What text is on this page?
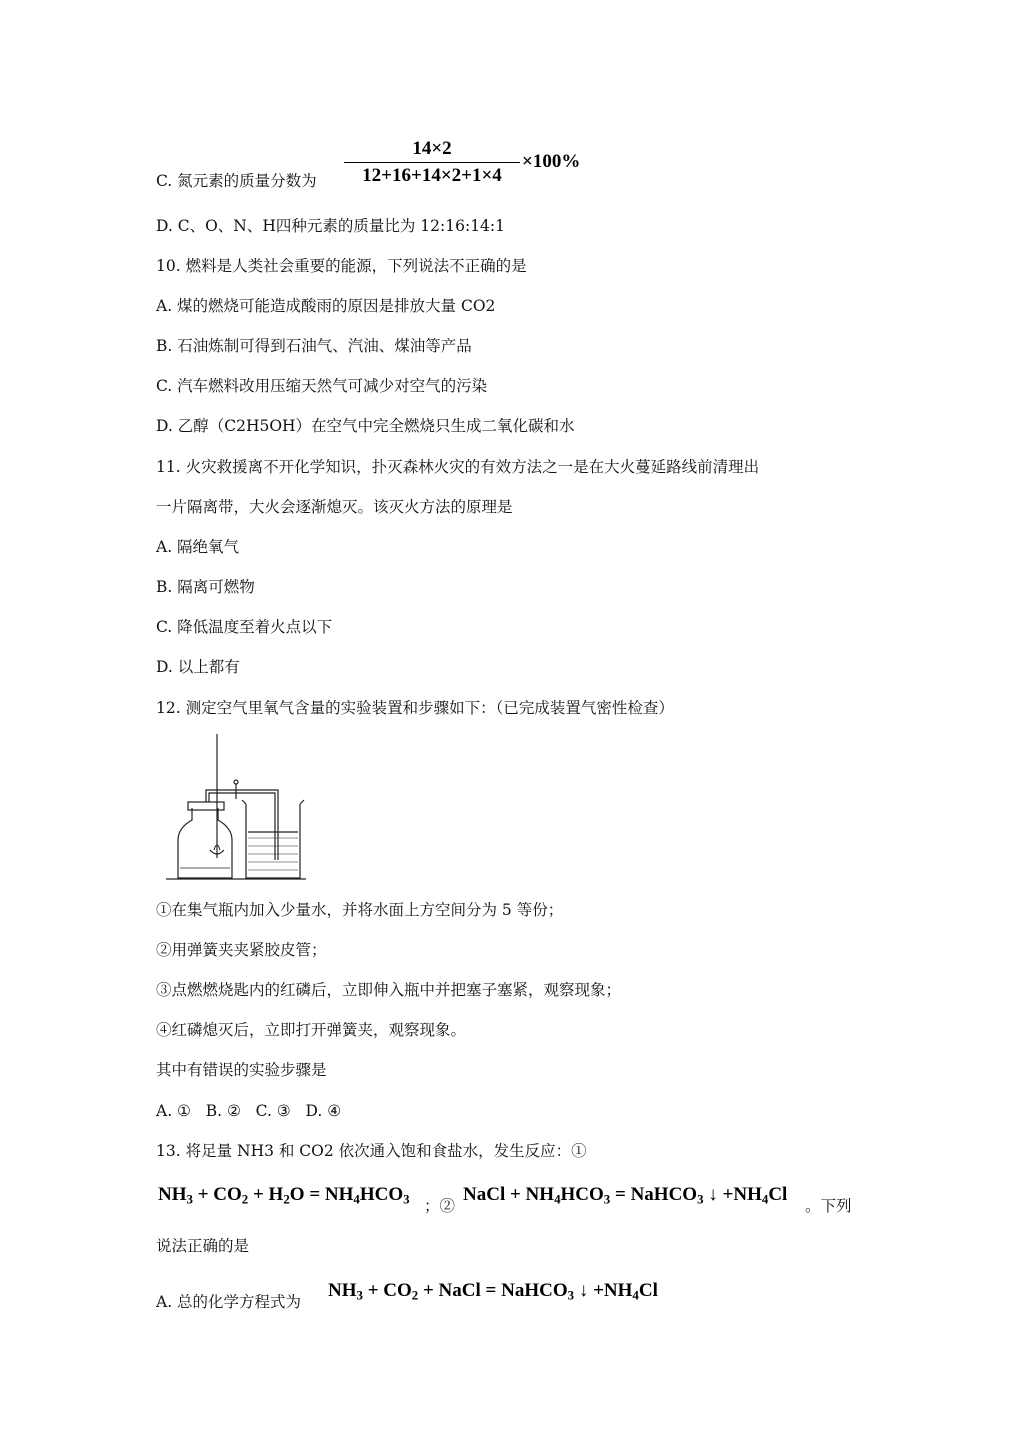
C. 氮元素的质量分数为
14×2
12+16+14×2+1×4
×100%
D. C、O、N、H四种元素的质量比为 12:16:14:1
10. 燃料是人类社会重要的能源，下列说法不正确的是
A. 煤的燃烧可能造成酸雨的原因是排放大量 CO2
B. 石油炼制可得到石油气、汽油、煤油等产品
C. 汽车燃料改用压缩天然气可减少对空气的污染
D. 乙醇（C2H5OH）在空气中完全燃烧只生成二氧化碳和水
11. 火灾救援离不开化学知识，扑灭森林火灾的有效方法之一是在大火蔓延路线前清理出
一片隔离带，大火会逐渐熄灭。该灭火方法的原理是
A. 隔绝氧气
B. 隔离可燃物
C. 降低温度至着火点以下
D. 以上都有
12. 测定空气里氧气含量的实验装置和步骤如下：（已完成装置气密性检查）
①在集气瓶内加入少量水，并将水面上方空间分为 5 等份；
②用弹簧夹夹紧胶皮管；
③点燃燃烧匙内的红磷后，立即伸入瓶中并把塞子塞紧，观察现象；
④红磷熄灭后，立即打开弹簧夹，观察现象。
其中有错误的实验步骤是
A. ①   B. ②   C. ③   D. ④
13. 将足量 NH3 和 CO2 依次通入饱和食盐水，发生反应：①
$NH_3 + CO_2 + H_2O = NH_4HCO_3$ ；②
NaCl + $NH_4HCO_3$ = NaHCO$_3$ ↓ $+NH_4Cl$
。下列
说法正确的是
A. 总的化学方程式为
$NH_3 + CO_2$ + NaCl = NaHCO$_3$ ↓ $+NH_4Cl$
